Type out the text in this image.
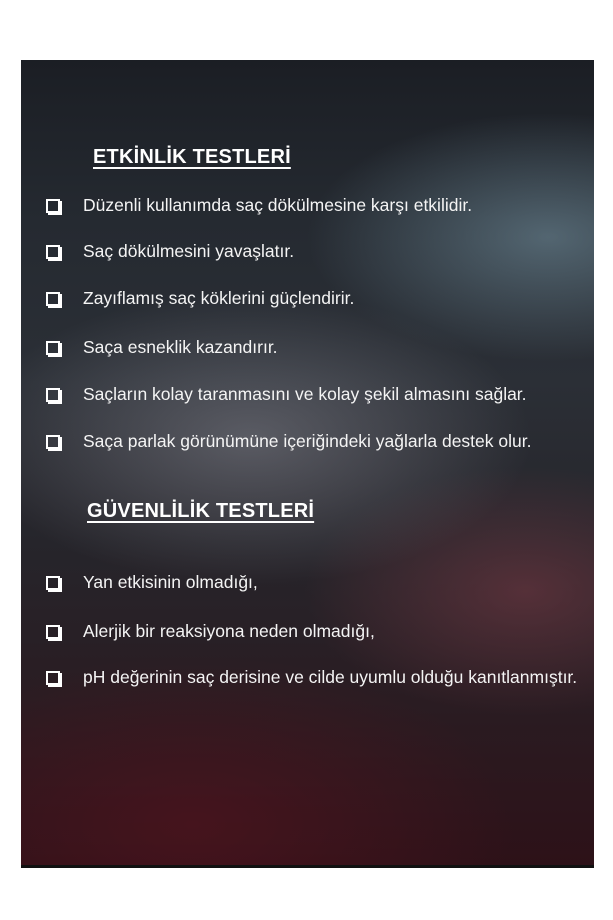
ETKİNLİK TESTLERİ
Düzenli kullanımda saç dökülmesine karşı etkilidir.
Saç dökülmesini yavaşlatır.
Zayıflamış saç köklerini güçlendirir.
Saça esneklik kazandırır.
Saçların kolay taranmasını ve kolay şekil almasını sağlar.
Saça parlak görünümüne içeriğindeki yağlarla destek olur.
GÜVENLİLİK TESTLERİ
Yan etkisinin olmadığı,
Alerjik bir reaksiyona neden olmadığı,
pH değerinin saç derisine ve cilde uyumlu olduğu kanıtlanmıştır.
